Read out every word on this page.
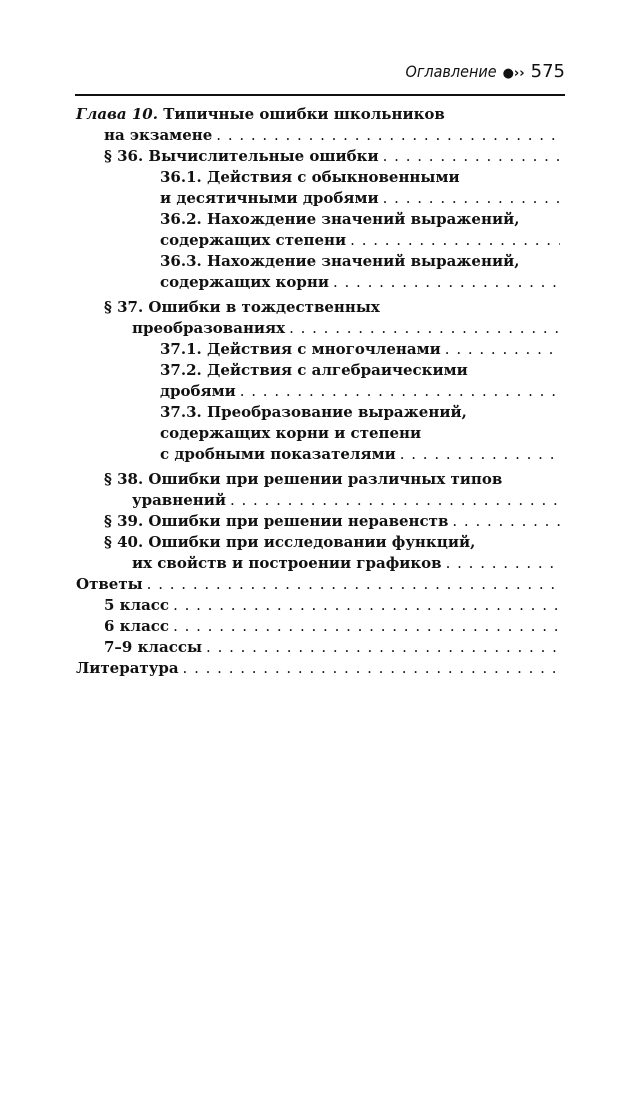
Оглавление ●›› 575
Глава 10. Типичные ошибки школьников
на экзамене
. . .
§ 36. Вычислительные ошибки
. . .
36.1. Действия с обыкновенными
и десятичными дробями
. . .
36.2. Нахождение значений выражений,
содержащих степени
. . .
36.3. Нахождение значений выражений,
содержащих корни
. . .
§ 37. Ошибки в тождественных
преобразованиях
. . .
37.1. Действия с многочленами
. . .
37.2. Действия с алгебраическими
дробями
. . .
37.3. Преобразование выражений,
содержащих корни и степени
с дробными показателями
. . .
§ 38. Ошибки при решении различных типов
уравнений
. . .
§ 39. Ошибки при решении неравенств
. . .
§ 40. Ошибки при исследовании функций,
их свойств и построении графиков
. . .
Ответы
. . .
5 класс
. . .
6 класс
. . .
7–9 классы
. . .
Литература
. . .
